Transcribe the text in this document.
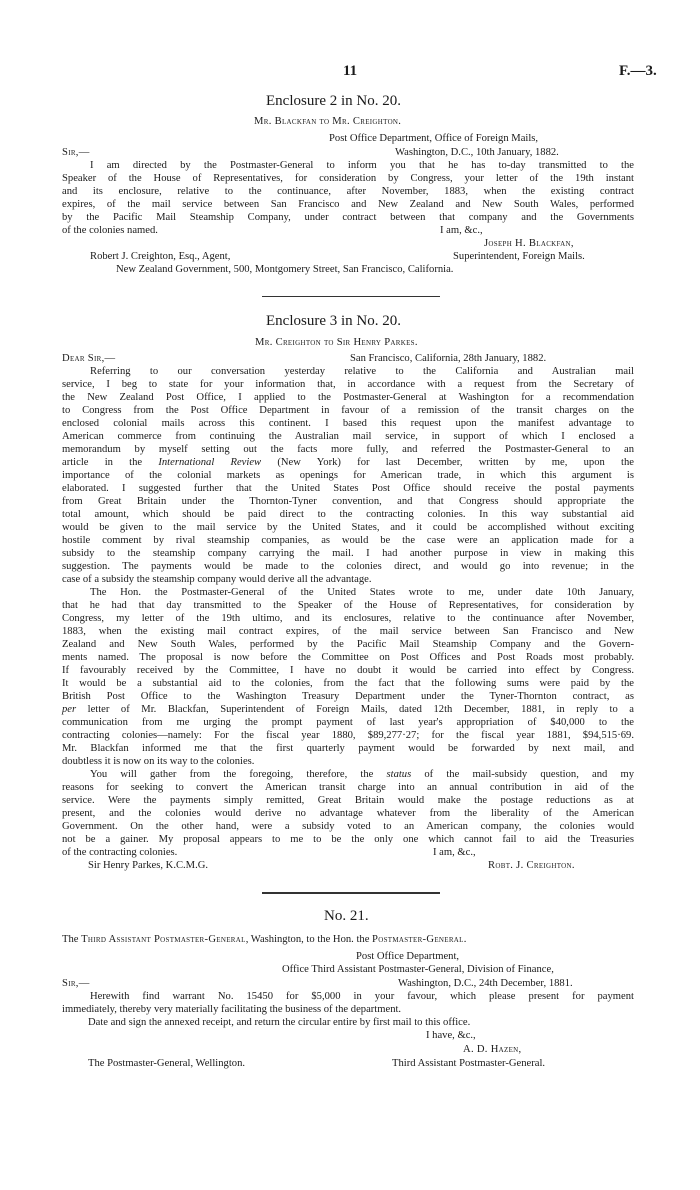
11	F.—3.
Enclosure 2 in No. 20.
Mr. Blackfan to Mr. Creighton.
Post Office Department, Office of Foreign Mails,
Sir,—	Washington, D.C., 10th January, 1882.
I am directed by the Postmaster-General to inform you that he has to-day transmitted to the
Speaker of the House of Representatives, for consideration by Congress, your letter of the 19th instant
and its enclosure, relative to the continuance, after November, 1883, when the existing contract
expires, of the mail service between San Francisco and New Zealand and New South Wales, performed
by the Pacific Mail Steamship Company, under contract between that company and the Governments
of the colonies named.	I am, &c.,
Joseph H. Blackfan,
Robert J. Creighton, Esq., Agent,	Superintendent, Foreign Mails.
New Zealand Government, 500, Montgomery Street, San Francisco, California.
Enclosure 3 in No. 20.
Mr. Creighton to Sir Henry Parkes.
Dear Sir,—	San Francisco, California, 28th January, 1882.
Referring to our conversation yesterday relative to the California and Australian mail
service, I beg to state for your information that, in accordance with a request from the Secretary of
the New Zealand Post Office, I applied to the Postmaster-General at Washington for a recommendation
to Congress from the Post Office Department in favour of a remission of the transit charges on the
enclosed colonial mails across this continent. I based this request upon the manifest advantage to
American commerce from continuing the Australian mail service, in support of which I enclosed a
memorandum by myself setting out the facts more fully, and referred the Postmaster-General to an
article in the International Review (New York) for last December, written by me, upon the
importance of the colonial markets as openings for American trade, in which this argument is
elaborated. I suggested further that the United States Post Office should receive the postal payments
from Great Britain under the Thornton-Tyner convention, and that Congress should appropriate the
total amount, which should be paid direct to the contracting colonies. In this way substantial aid
would be given to the mail service by the United States, and it could be accomplished without exciting
hostile comment by rival steamship companies, as would be the case were an application made for a
subsidy to the steamship company carrying the mail. I had another purpose in view in making this
suggestion. The payments would be made to the colonies direct, and would go into revenue; in the
case of a subsidy the steamship company would derive all the advantage.
The Hon. the Postmaster-General of the United States wrote to me, under date 10th January,
that he had that day transmitted to the Speaker of the House of Representatives, for consideration by
Congress, my letter of the 19th ultimo, and its enclosures, relative to the continuance after November,
1883, when the existing mail contract expires, of the mail service between San Francisco and New
Zealand and New South Wales, performed by the Pacific Mail Steamship Company and the Govern-
ments named. The proposal is now before the Committee on Post Offices and Post Roads most probably.
If favourably received by the Committee, I have no doubt it would be carried into effect by Congress.
It would be a substantial aid to the colonies, from the fact that the following sums were paid by the
British Post Office to the Washington Treasury Department under the Tyner-Thornton contract, as
per letter of Mr. Blackfan, Superintendent of Foreign Mails, dated 12th December, 1881, in reply to a
communication from me urging the prompt payment of last year's appropriation of $40,000 to the
contracting colonies—namely: For the fiscal year 1880, $89,277·27; for the fiscal year 1881, $94,515·69.
Mr. Blackfan informed me that the first quarterly payment would be forwarded by next mail, and
doubtless it is now on its way to the colonies.
You will gather from the foregoing, therefore, the status of the mail-subsidy question, and my
reasons for seeking to convert the American transit charge into an annual contribution in aid of the
service. Were the payments simply remitted, Great Britain would make the postage reductions as at
present, and the colonies would derive no advantage whatever from the liberality of the American
Government. On the other hand, were a subsidy voted to an American company, the colonies would
not be a gainer. My proposal appears to me to be the only one which cannot fail to aid the Treasuries
of the contracting colonies.	I am, &c.,
Sir Henry Parkes, K.C.M.G.	Robt. J. Creighton.
No. 21.
The Third Assistant Postmaster-General, Washington, to the Hon. the Postmaster-General.
Post Office Department,
Office Third Assistant Postmaster-General, Division of Finance,
Sir,—	Washington, D.C., 24th December, 1881.
Herewith find warrant No. 15450 for $5,000 in your favour, which please present for payment
immediately, thereby very materially facilitating the business of the department.
Date and sign the annexed receipt, and return the circular entire by first mail to this office.
I have, &c.,
A. D. Hazen,
The Postmaster-General, Wellington.	Third Assistant Postmaster-General.
